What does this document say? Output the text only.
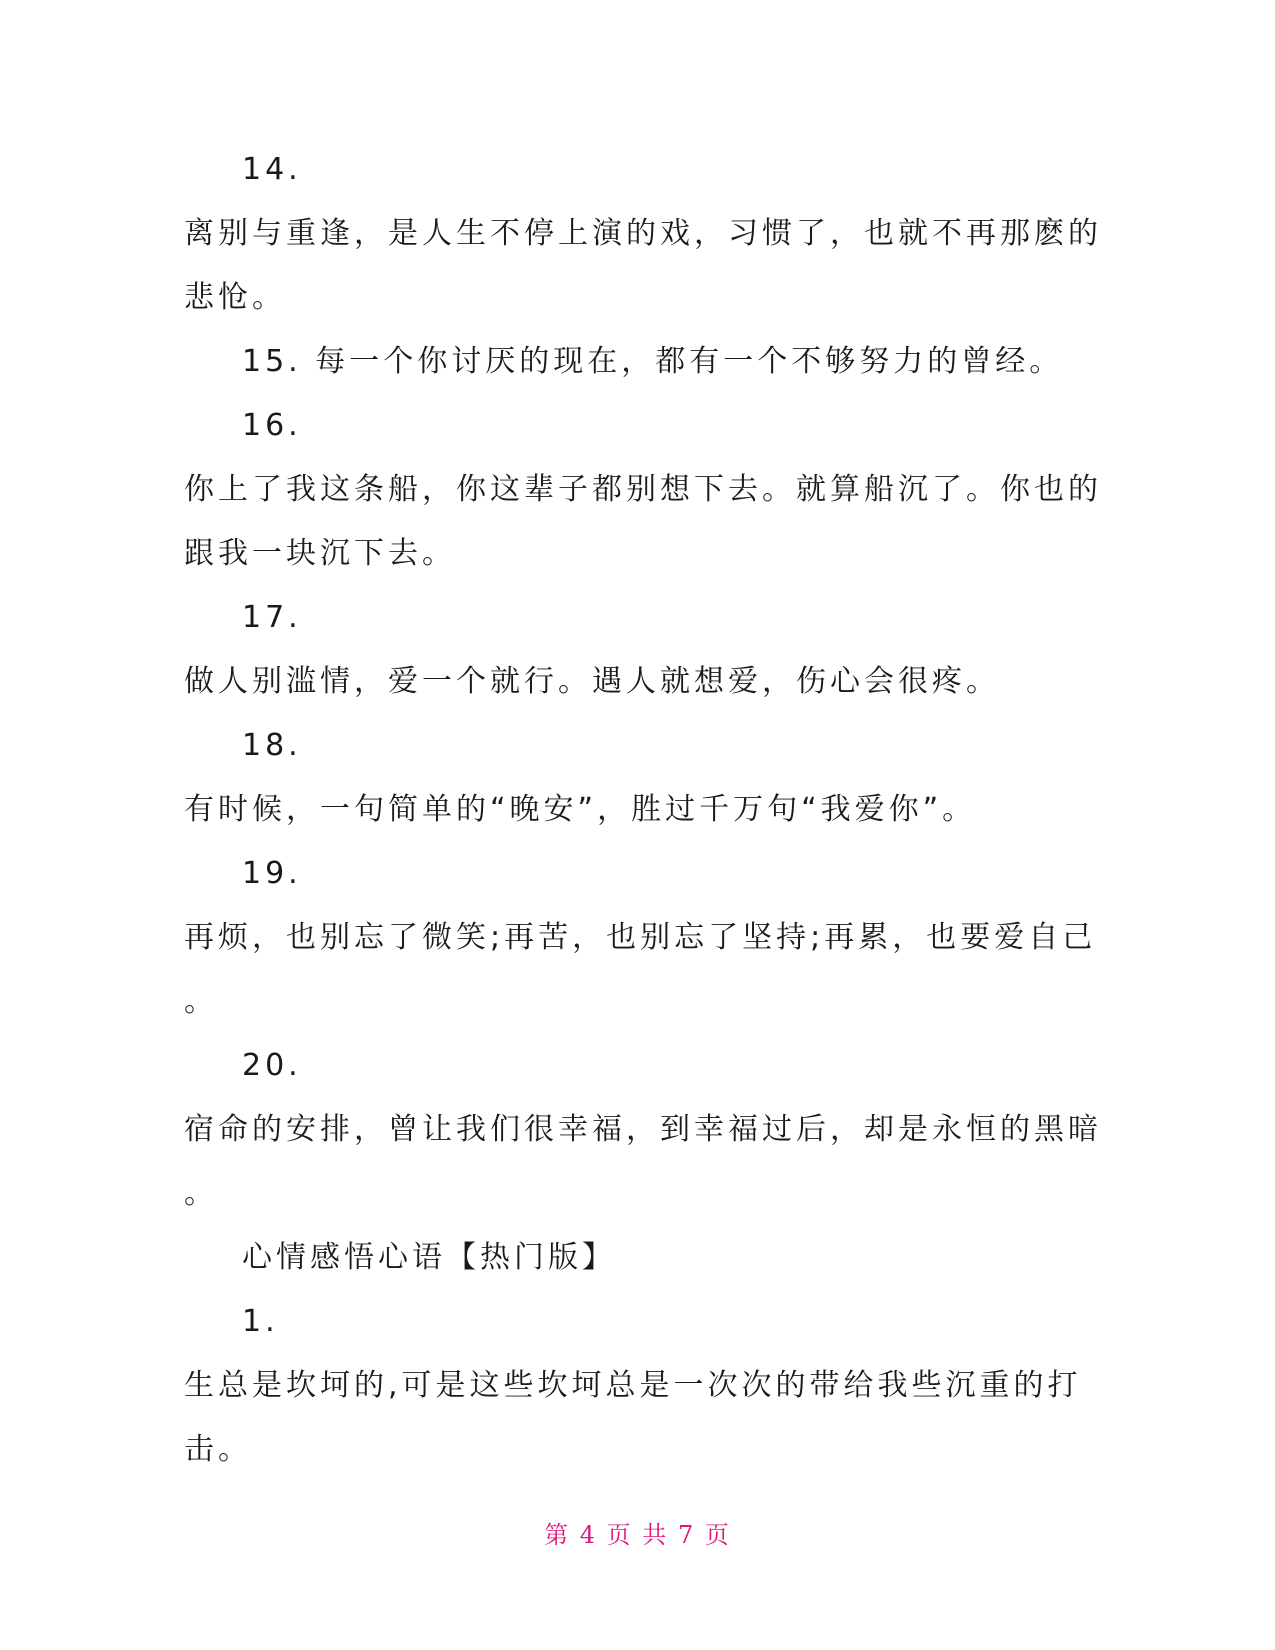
14.
离别与重逢，是人生不停上演的戏，习惯了，也就不再那麽的
悲怆。
15. 每一个你讨厌的现在，都有一个不够努力的曾经。
16.
你上了我这条船，你这辈子都别想下去。就算船沉了。你也的
跟我一块沉下去。
17.
做人别滥情，爱一个就行。遇人就想爱，伤心会很疼。
18.
有时候，一句简单的“晚安”，胜过千万句“我爱你”。
19.
再烦，也别忘了微笑;再苦，也别忘了坚持;再累，也要爱自己
。
20.
宿命的安排，曾让我们很幸福，到幸福过后，却是永恒的黑暗
。
心情感悟心语【热门版】
1.
生总是坎坷的,可是这些坎坷总是一次次的带给我些沉重的打
击。
第 4 页 共 7 页
